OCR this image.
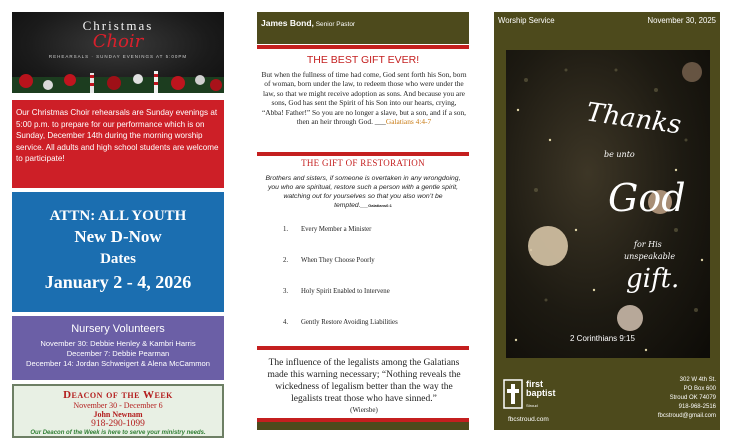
Christmas
Choir
REHEARSALS · SUNDAY EVENINGS AT 5:00PM
Our Christmas Choir rehearsals are Sunday evenings at 5:00 p.m. to prepare for our performance which is on Sunday, December 14th during the morning worship service. All adults and high school students are welcome to participate!
ATTN: ALL YOUTH
New D-Now
Dates
January 2 - 4, 2026
Nursery Volunteers
November 30: Debbie Henley & Kambri Harris
December 7: Debbie Pearman
December 14: Jordan Schweigert & Alena McCammon
Deacon of the Week
November 30 - December 6
John Newnam
918-290-1099
Our Deacon of the Week is here to serve your ministry needs.
James Bond, Senior Pastor
THE BEST GIFT EVER!
But when the fullness of time had come, God sent forth his Son, born of woman, born under the law, to redeem those who were under the law, so that we might receive adoption as sons. And because you are sons, God has sent the Spirit of his Son into our hearts, crying, “Abba! Father!” So you are no longer a slave, but a son, and if a son, then an heir through God. ___Galatians 4:4-7
THE GIFT OF RESTORATION
Brothers and sisters, if someone is overtaken in any wrongdoing, you who are spiritual, restore such a person with a gentle spirit, watching out for yourselves so that you also won’t be tempted.__Galatians6:1
1. Every Member a Minister
2. When They Choose Poorly
3. Holy Spirit Enabled to Intervene
4. Gently Restore Avoiding Liabilities
The influence of the legalists among the Galatians made this warning necessary; “Nothing reveals the wickedness of legalism better than the way the legalists treat those who have sinned.”
(Wiersbe)
Worship Service	November 30, 2025
Thanks
be unto
God
for His
unspeakable
gift.
2 Corinthians 9:15
first
baptist
Stroud
fbcstroud.com
302 W 4th St.
PO Box 600
Stroud OK 74079
918-968-2516
fbcstroud@gmail.com
